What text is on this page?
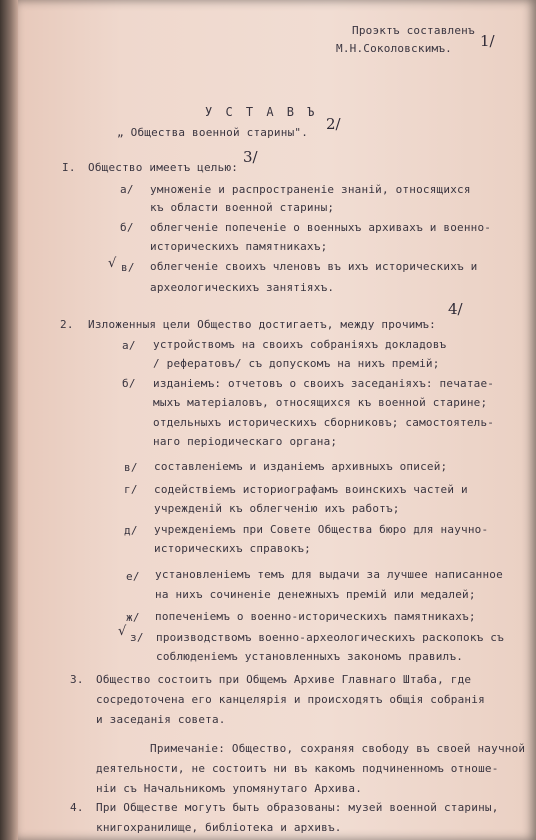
Проэктъ составленъ
М.Н.Соколовскимъ. 1/
У С Т А В Ъ
„ Общества военной старины". 2/
I. Общество имеетъ целью:
3/
а/ умноженiе и распространенiе знанiй, относящихся
къ области военной старины;
б/ облегченiе попеченiе о военныхъ архивахъ и военно-
историческихъ памятникахъ;
√ в/ облегченiе своихъ членовъ въ ихъ историческихъ и
археологическихъ занятiяхъ.
2. Изложенныя цели Общество достигаетъ, между прочимъ:
4/
а/ устройствомъ на своихъ собранiяхъ докладовъ
/ рефератовъ/ съ допускомъ на нихъ премiй;
б/ изданiемъ: отчетовъ о своихъ заседанiяхъ: печатае-
мыхъ матерiаловъ, относящихся къ военной старине;
отдельныхъ историческихъ сборниковъ; самостоятель-
наго перiодическаго органа;
в/ составленiемъ и изданiемъ архивныхъ описей;
г/ содействiемъ историографамъ воинскихъ частей и
учрежденiй къ облегченiю ихъ работъ;
д/ учрежденiемъ при Совете Общества бюро для научно-
историческихъ справокъ;
е/ установленiемъ темъ для выдачи за лучшее написанное
на нихъ сочиненiе денежныхъ премiй или медалей;
ж/ попеченiемъ о военно-историческихъ памятникахъ;
√ з/ производствомъ военно-археологическихъ раскопокъ съ
соблюденiемъ установленныхъ закономъ правилъ.
3. Общество состоитъ при Общемъ Архиве Главнаго Штаба, где
сосредоточена его канцелярiя и происходятъ общiя собранiя
и заседанiя совета.
Примечанiе: Общество, сохраняя свободу въ своей научной
деятельности, не состоитъ ни въ какомъ подчиненномъ отноше-
нiи съ Начальникомъ упомянутаго Архива.
4. При Обществе могутъ быть образованы: музей военной старины,
книгохранилище, библiотека и архивъ.
